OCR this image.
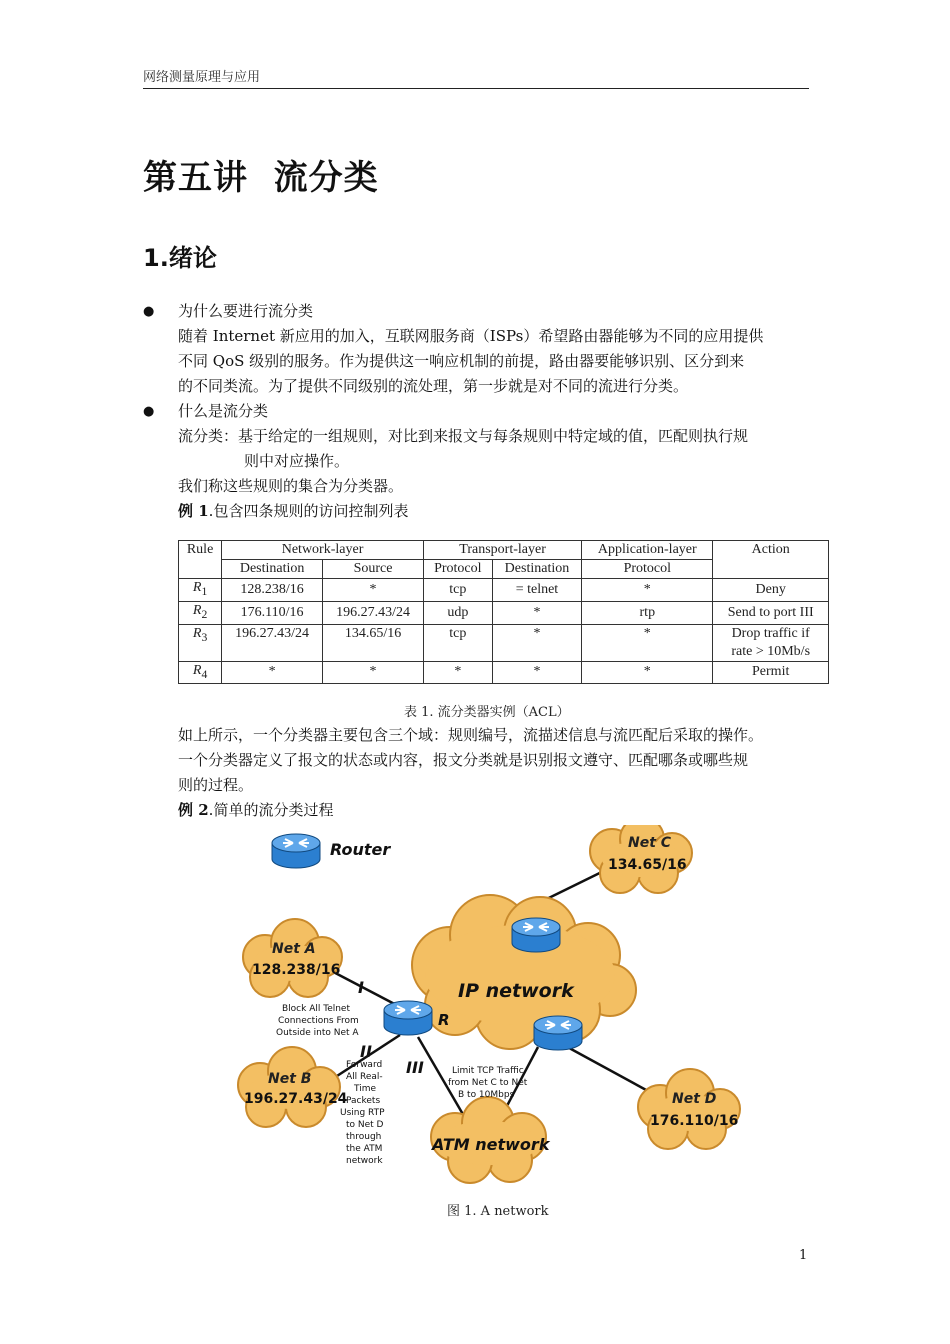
网络测量原理与应用
第五讲  流分类
1.绪论
● 为什么要进行流分类
随着 Internet 新应用的加入，互联网服务商（ISPs）希望路由器能够为不同的应用提供
不同 QoS 级别的服务。作为提供这一响应机制的前提，路由器要能够识别、区分到来
的不同类流。为了提供不同级别的流处理，第一步就是对不同的流进行分类。
● 什么是流分类
流分类：基于给定的一组规则，对比到来报文与每条规则中特定域的值，匹配则执行规
则中对应操作。
我们称这些规则的集合为分类器。
例 1.包含四条规则的访问控制列表
Rule	Network-layer		Transport-layer		Application-layer	Action
	Destination	Source	Protocol	Destination	Protocol	
$R_1$	128.238/16	*	tcp	= telnet	*	Deny
$R_2$	176.110/16	196.27.43/24	udp	*	rtp	Send to port III
$R_3$	196.27.43/24	134.65/16	tcp	*	*	Drop traffic if
rate > 10Mb/s

$R_4$	*	*	*	*	*	Permit
表 1. 流分类器实例（ACL）
如上所示，一个分类器主要包含三个域：规则编号，流描述信息与流匹配后采取的操作。
一个分类器定义了报文的状态或内容，报文分类就是识别报文遵守、匹配哪条或哪些规
则的过程。
例 2.简单的流分类过程
IP network
ATM network
Net A
128.238/16
Net B
196.27.43/24
Net C
134.65/16
Net D
176.110/16
Router
I
II
III
R
Block All Telnet
Connections From
Outside into Net A
Forward
All Real-
Time
Packets
Using RTP
to Net D
through
the ATM
network
Limit TCP Traffic
from Net C to Net
B to 10Mbps
图 1. A network
1
